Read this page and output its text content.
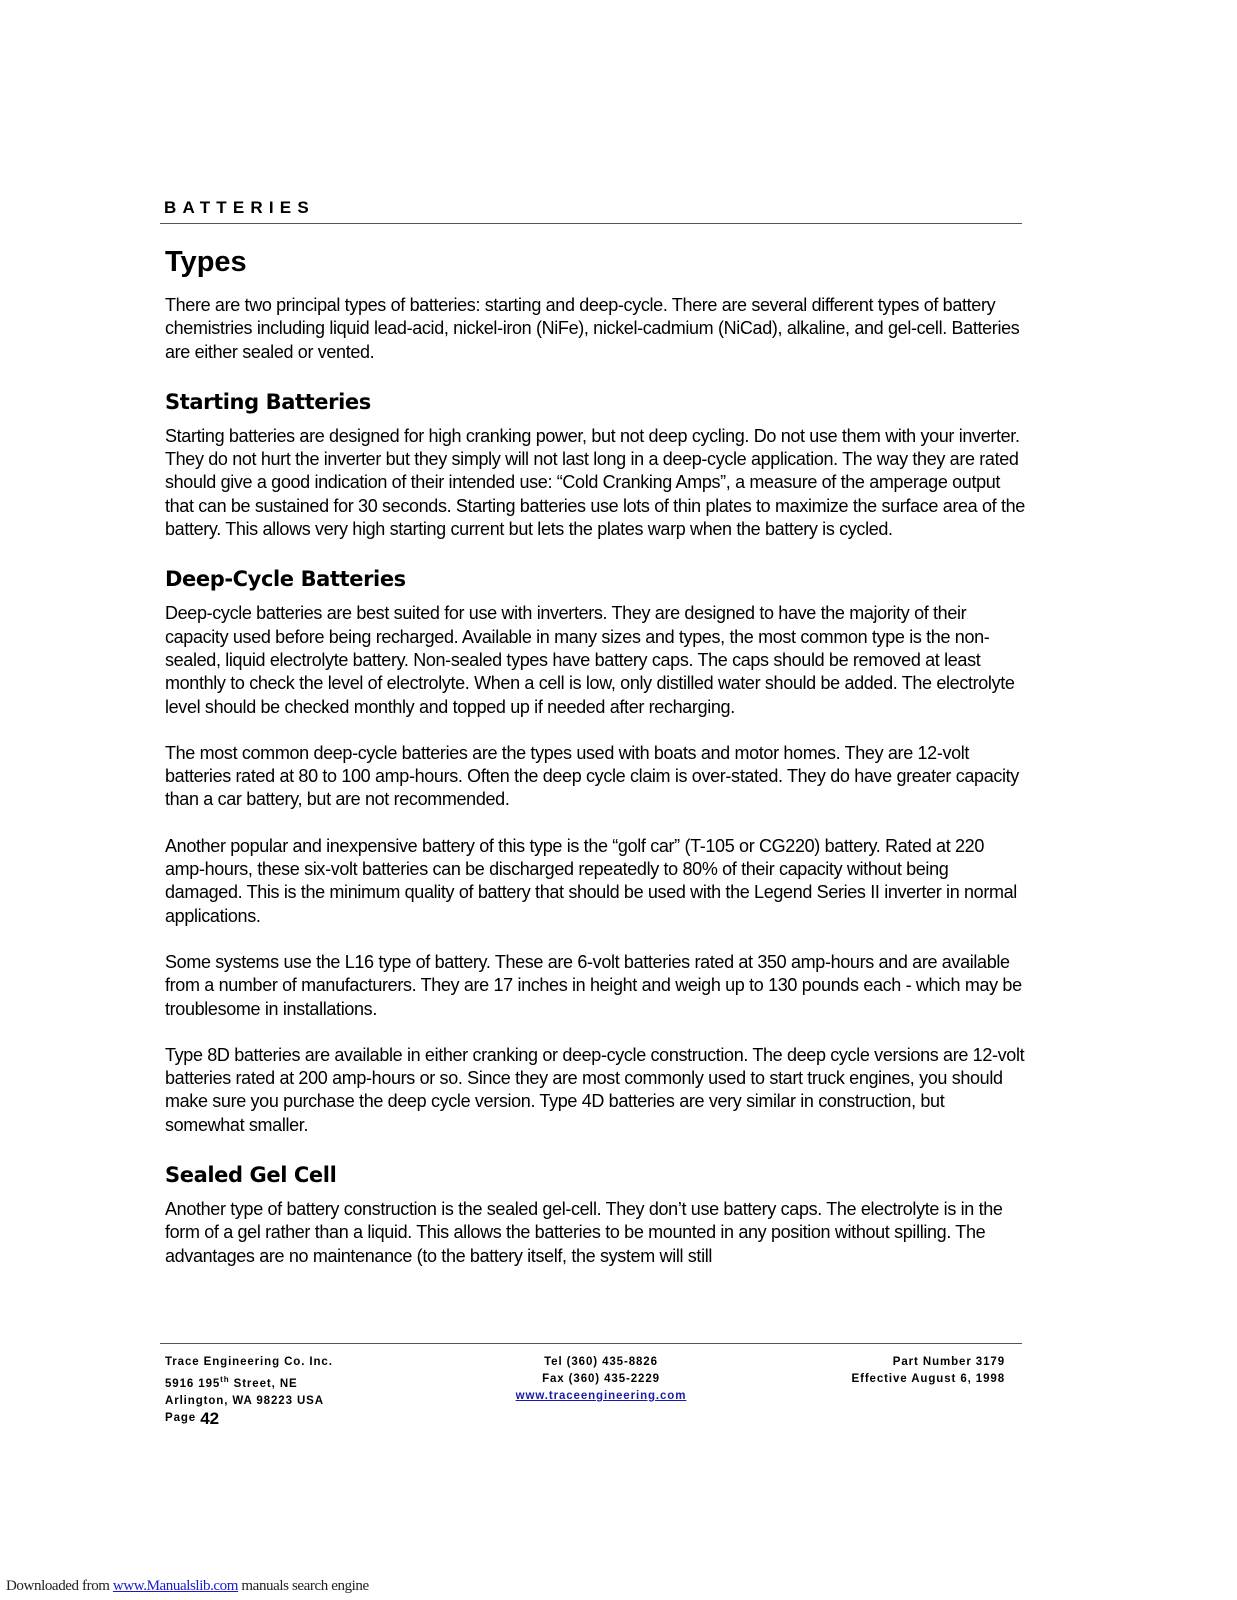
BATTERIES
Types

There are two principal types of batteries: starting and deep-cycle. There are several different types of battery chemistries including liquid lead-acid, nickel-iron (NiFe), nickel-cadmium (NiCad), alkaline, and gel-cell. Batteries are either sealed or vented.

Starting Batteries

Starting batteries are designed for high cranking power, but not deep cycling. Do not use them with your inverter. They do not hurt the inverter but they simply will not last long in a deep-cycle application. The way they are rated should give a good indication of their intended use: “Cold Cranking Amps”, a measure of the amperage output that can be sustained for 30 seconds. Starting batteries use lots of thin plates to maximize the surface area of the battery. This allows very high starting current but lets the plates warp when the battery is cycled.

Deep-Cycle Batteries

Deep-cycle batteries are best suited for use with inverters. They are designed to have the majority of their capacity used before being recharged. Available in many sizes and types, the most common type is the non-sealed, liquid electrolyte battery. Non-sealed types have battery caps. The caps should be removed at least monthly to check the level of electrolyte. When a cell is low, only distilled water should be added. The electrolyte level should be checked monthly and topped up if needed after recharging.

The most common deep-cycle batteries are the types used with boats and motor homes. They are 12-volt batteries rated at 80 to 100 amp-hours. Often the deep cycle claim is over-stated. They do have greater capacity than a car battery, but are not recommended.

Another popular and inexpensive battery of this type is the “golf car” (T-105 or CG220) battery. Rated at 220 amp-hours, these six-volt batteries can be discharged repeatedly to 80% of their capacity without being damaged. This is the minimum quality of battery that should be used with the Legend Series II inverter in normal applications.

Some systems use the L16 type of battery. These are 6-volt batteries rated at 350 amp-hours and are available from a number of manufacturers. They are 17 inches in height and weigh up to 130 pounds each - which may be troublesome in installations.

Type 8D batteries are available in either cranking or deep-cycle construction. The deep cycle versions are 12-volt batteries rated at 200 amp-hours or so. Since they are most commonly used to start truck engines, you should make sure you purchase the deep cycle version. Type 4D batteries are very similar in construction, but somewhat smaller.

Sealed Gel Cell

Another type of battery construction is the sealed gel-cell. They don’t use battery caps. The electrolyte is in the form of a gel rather than a liquid. This allows the batteries to be mounted in any position without spilling. The advantages are no maintenance (to the battery itself, the system will still

Trace Engineering Co. Inc.
5916 195th Street, NE
Arlington, WA 98223 USA
Page 42
Tel (360) 435-8826
Fax (360) 435-2229
www.traceengineering.com
Part Number 3179
Effective August 6, 1998
Downloaded from www.Manualslib.com manuals search engine
